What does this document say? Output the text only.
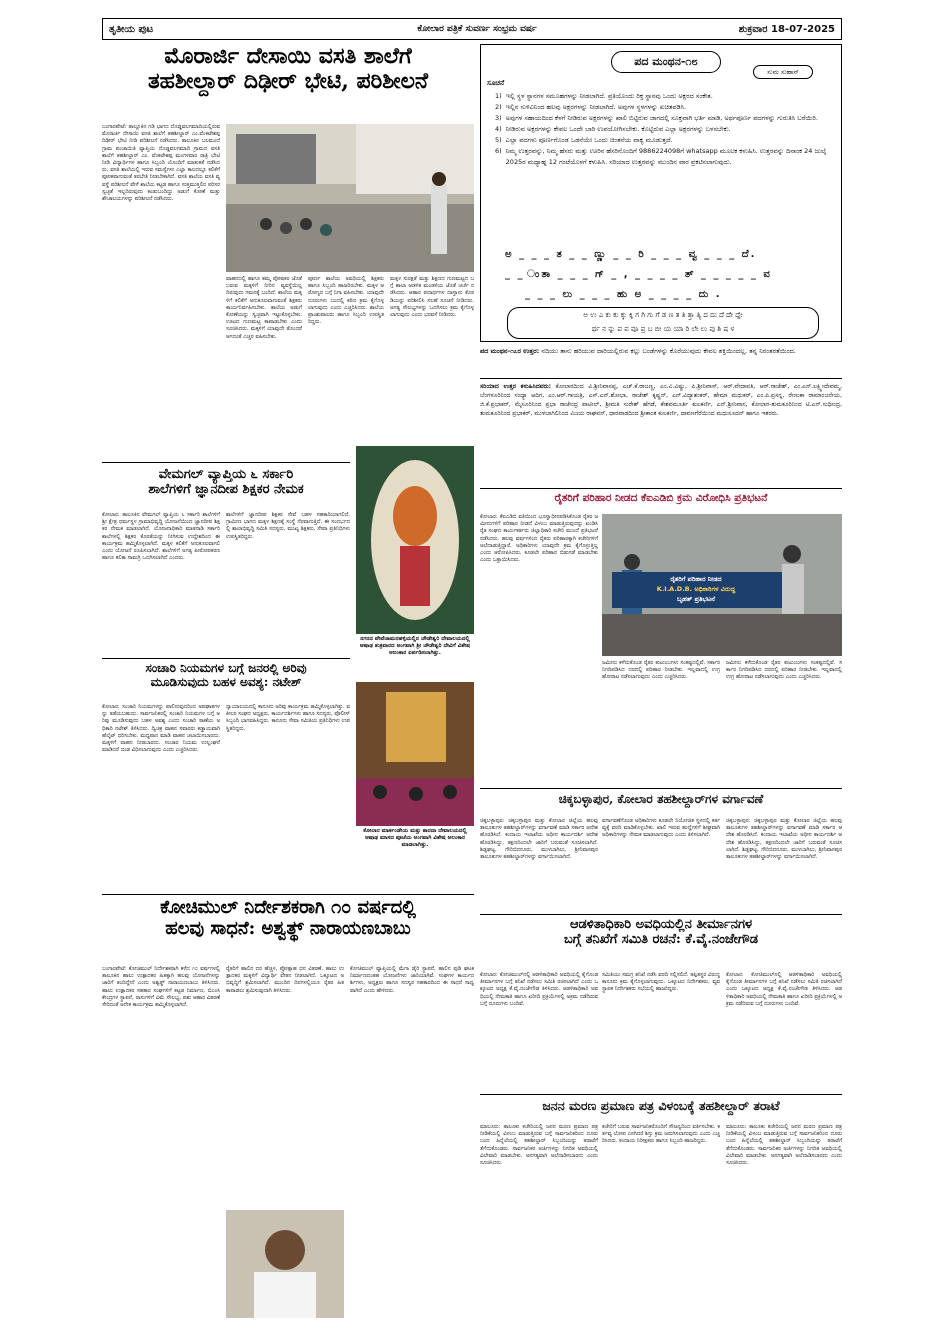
ತೃತೀಯ ಪುಟ	ಕೋಲಾರ ಪತ್ರಿಕೆ ಸುವರ್ಣ ಸಂಭ್ರಮ ವರ್ಷ	ಶುಕ್ರವಾರ 18-07-2025
ಮೊರಾರ್ಜಿ ದೇಸಾಯಿ ವಸತಿ ಶಾಲೆಗೆ
ತಹಶೀಲ್ದಾರ್ ದಿಢೀರ್ ಭೇಟಿ, ಪರಿಶೀಲನೆ
ಬಂಗಾರಪೇಟೆ: ತಾಲ್ಲೂಕಿನ ಗಡಿ ಭಾಗದ ದೊಡ್ಡವಲಗಮಾದಿಯಲ್ಲಿರುವ ಮೊರಾರ್ಜಿ ದೇಸಾಯಿ ವಸತಿ ಶಾಲೆಗೆ ತಹಶೀಲ್ದಾರ್ ಎಂ.ವೆಂಕಟೇಶಪ್ಪ ದಿಢೀರ್ ಭೇಟಿ ನೀಡಿ ಪರಿಶೀಲನೆ ನಡೆಸಿದರು. ತಾಲೂಕಿನ ಬಲಮಂದೆ ಗ್ರಾಮ ಪಂಚಾಯಿತಿ ವ್ಯಾಪ್ತಿಯ ದೊಡ್ಡವಲಗಮಾದಿ ಗ್ರಾಮದ ವಸತಿ ಶಾಲೆಗೆ ತಹಶೀಲ್ದಾರ್ ಎಂ. ವೆಂಕಟೇಶಪ್ಪ ಮಂಗಳವಾರ ರಾತ್ರಿ ಭೇಟಿ ನೀಡಿ ವಿದ್ಯಾರ್ಥಿಗಳ ಹಾಗೂ ಸಿಬ್ಬಂದಿ ಯೊಂದಿಗೆ ಮಾತುಕತೆ ನಡೆಸಿದರು. ವಸತಿ ಶಾಲೆಯಲ್ಲಿ ಇರುವ ಸಮಸ್ಯೆಗಳು ಎಲ್ಲಾ ಕಾಲದಲ್ಲೂ ಕಲಿಕೆಗೆ ಪೂರಕವಾಗುವಂತೆ ತರಬೇತಿ ನೀಡಬೇಕಾಗಿದೆ. ವಸತಿ ಶಾಲೆಯ ವಸತಿ ವ್ಯವಸ್ಥೆ ಪರಿಶೀಲನೆ ವೇಳೆ ಶಾಲೆಯ ಕಟ್ಟಡ ಹಾಗೂ ಸುತ್ತಮುತ್ತಲಿನ ಪರಿಸರ ಸ್ವಚ್ಛತೆ ಇಲ್ಲದಿರುವುದು ಕಂಡುಬಂದಿದ್ದು ಅಡುಗೆ ಕೋಣೆ ಮತ್ತು ಶೌಚಾಲಯಗಳನ್ನು ಪರಿಶೀಲನೆ ನಡೆಸಿದರು.
ವಾಹನದಲ್ಲಿ ಹಾಗೂ ತಮ್ಮ ಪೋಷಕರ ಜೊತೆ ಬರುವ ಮಕ್ಕಳಿಗೆ ನೀರಿನ ವ್ಯವಸ್ಥೆಯಿಲ್ಲದಿರುವುದು ಗಮನಕ್ಕೆ ಬಂದಿದೆ. ಶಾಲೆಯ ಮಕ್ಕಳಿಗೆ ಕಲಿಕೆಗೆ ಅನುಕೂಲವಾಗುವಂತೆ ಶಿಕ್ಷಕರು ಕಾರ್ಯನಿರ್ವಹಿಸಬೇಕು. ಶಾಲೆಯ ಅಡುಗೆ ಕೋಣೆಯನ್ನು ಸ್ವಚ್ಛವಾಗಿ ಇಟ್ಟುಕೊಳ್ಳಬೇಕು. ಊಟದ ಗುಣಮಟ್ಟ ಕಾಪಾಡಬೇಕು ಎಂದು ಸೂಚಿಸಿದರು. ಮಕ್ಕಳಿಗೆ ಯಾವುದೇ ತೊಂದರೆ ಆಗದಂತೆ ಎಚ್ಚರ ವಹಿಸಬೇಕು.
ಪೂರ್ಣ ಶಾಲೆಯ ಅವಧಿಯಲ್ಲಿ ಶಿಕ್ಷಕರು ಹಾಗೂ ಸಿಬ್ಬಂದಿ ಹಾಜರಿರಬೇಕು. ಮಕ್ಕಳ ಆರೋಗ್ಯದ ಬಗ್ಗೆ ನಿಗಾ ವಹಿಸಬೇಕು. ಯಾವುದೇ ದೂರುಗಳು ಬಂದಲ್ಲಿ ಕಠಿಣ ಕ್ರಮ ಕೈಗೊಳ್ಳಲಾಗುವುದು ಎಂದು ಎಚ್ಚರಿಸಿದರು. ಶಾಲೆಯ ಪ್ರಾಂಶುಪಾಲರು ಹಾಗೂ ಸಿಬ್ಬಂದಿ ಉಪಸ್ಥಿತರಿದ್ದರು.
ಮಕ್ಕಳ ಸುರಕ್ಷತೆ ಮತ್ತು ಶಿಕ್ಷಣದ ಗುಣಮಟ್ಟದ ಬಗ್ಗೆ ಶಾಲಾ ಆಡಳಿತ ಮಂಡಳಿಯ ಜೊತೆ ಚರ್ಚೆ ನಡೆಸಿದರು. ಆಹಾರ ಪದಾರ್ಥಗಳ ದಾಸ್ತಾನು ಕೊಠಡಿಯನ್ನು ಪರಿಶೀಲಿಸಿ ಸಲಹೆ ಸೂಚನೆ ನೀಡಿದರು. ಅಗತ್ಯ ಸೌಲಭ್ಯಗಳನ್ನು ಒದಗಿಸಲು ಕ್ರಮ ಕೈಗೊಳ್ಳಲಾಗುವುದು ಎಂದು ಭರವಸೆ ನೀಡಿದರು.
ಪದ ಮಂಥನ-೧೮
ಸುಮ ಸುಹಾಸ್
ಸೂಚನೆ
1) ಇಲ್ಲಿ ಸ್ಥಳ ಸ್ಥಾನಗಳ ಸಮೂಹಗಳನ್ನು ನೀಡಲಾಗಿದೆ. ಪ್ರತಿಯೊಂದು ರಿಕ್ತ ಸ್ಥಾನವು ಒಂದು ಅಕ್ಷರದ ಸಂಕೇತ.
2) ಇಲ್ಲಿನ ಸುಳಿವಿನಿಂದ ಹಲವು ಅಕ್ಷರಗಳನ್ನು ನೀಡಲಾಗಿದೆ. ಅವುಗಳ ಸ್ಥಳಗಳನ್ನು ಖಚಿತಪಡಿಸಿ.
3) ಅವುಗಳ ಸಹಾಯದಿಂದ ಕೆಳಗೆ ನೀಡಿರುವ ಅಕ್ಷರಗಳನ್ನು ಖಾಲಿ ಬಿಟ್ಟಿರುವ ಜಾಗದಲ್ಲಿ ಸೂಕ್ತವಾಗಿ ಭರ್ತಿ ಮಾಡಿ, ಅರ್ಥಪೂರ್ಣ ಪದಗಳನ್ನು ಗುರುತಿಸಿ ಬರೆಯಿರಿ.
4) ನೀಡಿರುವ ಅಕ್ಷರಗಳನ್ನು ಕೇವಲ ಒಂದೇ ಬಾರಿ ಉಪಯೋಗಿಸಬೇಕು. ಕೊಟ್ಟಿರುವ ಎಲ್ಲಾ ಅಕ್ಷರಗಳನ್ನು ಬಳಸಬೇಕು.
5) ಎಲ್ಲಾ ಪದಗಳು ಪೂರ್ಣಗೊಂಡ ಒಡನೆಯೇ ಒಂದು ಚಿಂತನೆಯ ವಾಕ್ಯ ಮೂಡುತ್ತದೆ.
6) ನಿಮ್ಮ ಉತ್ತರವನ್ನು, ನಿಮ್ಮ ಹೆಸರು ಮತ್ತು ಊರಿನ ಹೆಸರಿನೊಂದಿಗೆ 9886224098ಗೆ whatsapp ಮೂಲಕ ಕಳುಹಿಸಿ. ಉತ್ತರವನ್ನು ದಿನಾಂಕ 24 ಜುಲೈ 2025ರ ಮಧ್ಯಾಹ್ನ 12 ಗಂಟೆಯೊಳಗೆ ಕಳುಹಿಸಿ. ಸರಿಯಾದ ಉತ್ತರವನ್ನು ಮುಂದಿನ ವಾರ ಪ್ರಕಟಿಸಲಾಗುವುದು.
ಅ _ _ _ ತ _ _ ಣ್ಣು _ _ ರಿ _ _ _ ವ್ವ _ _ _ ದೆ.
_ _ ಂತಾ _ _ _ ಗ್ _ , _ _ _ _ ತ್ _ _ _ _ _ ವ
_ _ _ ಲು _ _ _ ಹು ಅ _ _ _ _ ದು .
ಅ ಉ ಎ ಕು ಕು ಕ್ಕು ಕ್ಕಿ ಗ ಗಿ ಗು ಗೆ ಡ ಣ ತ ತಿ ತ್ತಾ ತ್ಯಿ ದ ದು ದೆ ದೇ ದ್ದೇ
ರ್ಥ ನ ನ್ನು ಪ ಪ ವೂ ಪ್ರ ಬ ಬೀ ಯ ಯಾ ರಿ ಲೇ ಲು ವು ಶಿ ಷ ಳ
ಪದ ಮಂಥನ-೧೭ರ ಉತ್ತರ: ನದಿಯು ತಾನು ಹರಿಯುವ ದಾರಿಯಲ್ಲಿರುವ ಕಲ್ಲು ಬಂಡೆಗಳನ್ನು ಕೊರೆಯುವುದು ಕೇವಲ ಶಕ್ತಿಯಿಂದಲ್ಲ, ತನ್ನ ನಿರಂತರತೆಯಿಂದ.
ಸರಿಯಾದ ಉತ್ತರ ಕಳುಹಿಸಿದವರು: ಕೋಲಾರದಿಂದ ವಿ.ಶ್ರೀನಿವಾಸಪ್ಪ, ಎಚ್.ಕೆ.ರಾಜಣ್ಣ, ಎಂ.ವಿ.ವಿಷ್ಣು, ಪಿ.ಶ್ರೀನಿವಾಸ್, ಆರ್.ವೇದಾವತಿ, ಆರ್.ರಾಜೇಶ್, ಎಂ.ಎನ್.ಲಕ್ಷ್ಮೀದೇವಮ್ಮ, ಬೆಂಗಳೂರಿನಿಂದ ಸಂಧ್ಯಾ ಆದಿಗ, ಎಂ.ಆರ್.ಗಾಯತ್ರಿ, ಎಸ್.ಎನ್.ಶೋಭಾ, ರಾಜೇಶ್ ಕೃಷ್ಣನ್, ಎನ್.ವಿದ್ಯಾಶಂಕರ್, ಹೇಮಾ ಮಧುಕರ್, ಎಂ.ಪಿ.ಪ್ರಸನ್ನ, ರೇಣುಕಾ ರಾಮಾಂಜನೇಯ, ಜಿ.ಕೆ.ಪ್ರಭಾಕರ್, ಮೈಸೂರಿನಿಂದ ಪ್ರಭಾ ರಾಜೇಂದ್ರ ಪಾಟೀಲ್, ಶ್ರೀಮತಿ ಸುರೇಶ್ ಹೆಗಡೆ, ಕೇಶವಮೂರ್ತಿ ಕುಲಕರ್ಣಿ, ಎನ್.ಶ್ರೀನಿವಾಸ, ಕೋಲಾರ-ತುಮಕೂರಿನಿಂದ ಟಿ.ಎನ್.ಸುಧೀಂದ್ರ, ತುಮಕೂರಿನಿಂದ ಪ್ರಭಾಕರ್, ಮುಳಬಾಗಿಲಿನಿಂದ ವಿಜಯ ರಾಘವನ್, ಧಾರವಾಡದಿಂದ ಶ್ರೀಕಾಂತ ಕುಲಕರ್ಣಿ, ದಾವಣಗೆರೆಯಿಂದ ಮಧುಸೂದನ್ ಹಾಗೂ ಇತರರು.
ವೇಮಗಲ್ ವ್ಯಾಪ್ತಿಯ ೬ ಸರ್ಕಾರಿ
ಶಾಲೆಗಳಿಗೆ ಜ್ಞಾನದೀಪ ಶಿಕ್ಷಕರ ನೇಮಕ
ಕೋಲಾರ: ತಾಲೂಕಿನ ವೇಮಗಲ್ ವ್ಯಾಪ್ತಿಯ ೬ ಸರ್ಕಾರಿ ಶಾಲೆಗಳಿಗೆ ಶ್ರೀ ಕ್ಷೇತ್ರ ಧರ್ಮಸ್ಥಳ ಗ್ರಾಮಾಭಿವೃದ್ಧಿ ಯೋಜನೆಯಿಂದ ಜ್ಞಾನದೀಪ ಶಿಕ್ಷಕರ ನೇಮಕ ಮಾಡಲಾಗಿದೆ. ಯೋಜನಾಧಿಕಾರಿ ಮಾತನಾಡಿ ಸರ್ಕಾರಿ ಶಾಲೆಗಳಲ್ಲಿ ಶಿಕ್ಷಕರ ಕೊರತೆಯನ್ನು ನೀಗಿಸುವ ಉದ್ದೇಶದಿಂದ ಈ ಕಾರ್ಯಕ್ರಮ ಹಮ್ಮಿಕೊಳ್ಳಲಾಗಿದೆ. ಮಕ್ಕಳ ಕಲಿಕೆಗೆ ಅನುಕೂಲವಾಗಲಿ ಎಂದು ಯೋಜನೆ ರೂಪಿಸಲಾಗಿದೆ. ಶಾಲೆಗಳಿಗೆ ಅಗತ್ಯ ಪೀಠೋಪಕರಣ ಹಾಗೂ ಕಲಿಕಾ ಸಾಮಗ್ರಿ ಒದಗಿಸಲಾಗಿದೆ ಎಂದರು.
ಶಾಲೆಗಳಿಗೆ ಜ್ಞಾನದೀಪ ಶಿಕ್ಷಕರ ಸೇವೆ ಬಹಳ ಸಹಕಾರಿಯಾಗಲಿದೆ. ಗ್ರಾಮೀಣ ಭಾಗದ ಮಕ್ಕಳ ಶಿಕ್ಷಣಕ್ಕೆ ಸಂಸ್ಥೆ ನೆರವಾಗುತ್ತಿದೆ. ಈ ಸಂದರ್ಭದಲ್ಲಿ ಶಾಲಾಭಿವೃದ್ಧಿ ಸಮಿತಿ ಸದಸ್ಯರು, ಮುಖ್ಯ ಶಿಕ್ಷಕರು, ಸೇವಾ ಪ್ರತಿನಿಧಿಗಳು ಉಪಸ್ಥಿತರಿದ್ದರು.
ನಗರದ ಪೇಟೆಚಾಮನಹಳ್ಳಿಯಲ್ಲಿನ ಚೌಡೇಶ್ವರಿ ದೇವಾಲಯದಲ್ಲಿ ಆಷಾಢ ಶುಕ್ರವಾರದ ಅಂಗವಾಗಿ ಶ್ರೀ ಚೌಡೇಶ್ವರಿ ದೇವಿಗೆ ವಿಶೇಷ ಅಲಂಕಾರ ಏರ್ಪಡಿಸಲಾಗಿತ್ತು.
ರೈತರಿಗೆ ಪರಿಹಾರ ನೀಡದ ಕೆಐಎಡಿಬಿ ಕ್ರಮ ವಿರೋಧಿಸಿ ಪ್ರತಿಭಟನೆ
ಕೋಲಾರ: ಕೆಐಎಡಿಬಿ ವತಿಯಿಂದ ಭೂಸ್ವಾಧೀನಪಡಿಸಿಕೊಂಡ ರೈತರ ಜಮೀನುಗಳಿಗೆ ಪರಿಹಾರ ನೀಡದೆ ವಿಳಂಬ ಮಾಡುತ್ತಿರುವುದನ್ನು ಖಂಡಿಸಿ ರೈತ ಸಂಘದ ಕಾರ್ಯಕರ್ತರು ಜಿಲ್ಲಾಧಿಕಾರಿ ಕಚೇರಿ ಮುಂದೆ ಪ್ರತಿಭಟನೆ ನಡೆಸಿದರು. ಹಲವು ವರ್ಷಗಳಿಂದ ರೈತರು ಪರಿಹಾರಕ್ಕಾಗಿ ಕಚೇರಿಗಳಿಗೆ ಅಲೆದಾಡುತ್ತಿದ್ದಾರೆ. ಅಧಿಕಾರಿಗಳು ಯಾವುದೇ ಕ್ರಮ ಕೈಗೊಳ್ಳುತ್ತಿಲ್ಲ ಎಂದು ಆರೋಪಿಸಿದರು. ಕೂಡಲೇ ಪರಿಹಾರ ಬಿಡುಗಡೆ ಮಾಡಬೇಕು ಎಂದು ಒತ್ತಾಯಿಸಿದರು.
ರೈತರಿಗೆ ಪರಿಹಾರ ನೀಡದ
K.I.A.D.B. ಅಧಿಕಾರಿಗಳ ವಿರುದ್ಧ
ಬೃಹತ್ ಪ್ರತಿಭಟನೆ
ಜಮೀನು ಕಳೆದುಕೊಂಡ ರೈತರ ಕುಟುಂಬಗಳು ಸಂಕಷ್ಟದಲ್ಲಿವೆ. ಸರ್ಕಾರ ನಿಗದಿಪಡಿಸಿದ ದರದಲ್ಲಿ ಪರಿಹಾರ ನೀಡಬೇಕು. ಇಲ್ಲವಾದಲ್ಲಿ ಉಗ್ರ ಹೋರಾಟ ನಡೆಸಲಾಗುವುದು ಎಂದು ಎಚ್ಚರಿಸಿದರು.
ಜಮೀನು ಕಳೆದುಕೊಂಡ ರೈತರ ಕುಟುಂಬಗಳು ಸಂಕಷ್ಟದಲ್ಲಿವೆ. ಸರ್ಕಾರ ನಿಗದಿಪಡಿಸಿದ ದರದಲ್ಲಿ ಪರಿಹಾರ ನೀಡಬೇಕು. ಇಲ್ಲವಾದಲ್ಲಿ ಉಗ್ರ ಹೋರಾಟ ನಡೆಸಲಾಗುವುದು ಎಂದು ಎಚ್ಚರಿಸಿದರು.
ಸಂಚಾರಿ ನಿಯಮಗಳ ಬಗ್ಗೆ ಜನರಲ್ಲಿ ಅರಿವು
ಮೂಡಿಸುವುದು ಬಹಳ ಅವಶ್ಯ: ನಟೇಶ್
ಕೋಲಾರ: ಸಂಚಾರಿ ನಿಯಮಗಳನ್ನು ಪಾಲಿಸುವುದರಿಂದ ಅಪಘಾತಗಳನ್ನು ತಡೆಯಬಹುದು. ಸಾರ್ವಜನಿಕರಲ್ಲಿ ಸಂಚಾರಿ ನಿಯಮಗಳ ಬಗ್ಗೆ ಅರಿವು ಮೂಡಿಸುವುದು ಬಹಳ ಅವಶ್ಯ ಎಂದು ಸಂಚಾರಿ ಠಾಣೆಯ ಅಧಿಕಾರಿ ನಟೇಶ್ ತಿಳಿಸಿದರು. ದ್ವಿಚಕ್ರ ವಾಹನ ಸವಾರರು ಕಡ್ಡಾಯವಾಗಿ ಹೆಲ್ಮೆಟ್ ಧರಿಸಬೇಕು. ಮಧ್ಯಪಾನ ಮಾಡಿ ವಾಹನ ಚಲಾಯಿಸಬಾರದು. ಮಕ್ಕಳಿಗೆ ವಾಹನ ನೀಡಬಾರದು. ಸಂಚಾರ ನಿಯಮ ಉಲ್ಲಂಘನೆ ಮಾಡಿದರೆ ದಂಡ ವಿಧಿಸಲಾಗುವುದು ಎಂದು ಎಚ್ಚರಿಸಿದರು.
ನ್ಯಾಯಾಲಯದಲ್ಲಿ ಕಾನೂನು ಅರಿವು ಕಾರ್ಯಕ್ರಮ ಹಮ್ಮಿಕೊಳ್ಳಲಾಗಿತ್ತು. ವಕೀಲರ ಸಂಘದ ಅಧ್ಯಕ್ಷರು, ಕಾರ್ಯದರ್ಶಿಗಳು ಹಾಗೂ ಸದಸ್ಯರು, ಪೊಲೀಸ್ ಸಿಬ್ಬಂದಿ ಭಾಗವಹಿಸಿದ್ದರು. ಕಾನೂನು ಸೇವಾ ಸಮಿತಿಯ ಪ್ರತಿನಿಧಿಗಳು ಉಪಸ್ಥಿತರಿದ್ದರು.
ಕೋಲಾರ ಮಾರ್ಕಂಡೇಯ ಮತ್ತು ಶಾರದಾ ದೇವಾಲಯದಲ್ಲಿ ಆಷಾಢ ಮಾಸದ ಪೂಜೆಯ ಅಂಗವಾಗಿ ವಿಶೇಷ ಅಲಂಕಾರ ಮಾಡಲಾಗಿತ್ತು.
ಚಿಕ್ಕಬಳ್ಳಾಪುರ, ಕೋಲಾರ ತಹಶೀಲ್ದಾರ್‌ಗಳ ವರ್ಗಾವಣೆ
ಚಿಕ್ಕಬಳ್ಳಾಪುರ: ಚಿಕ್ಕಬಳ್ಳಾಪುರ ಮತ್ತು ಕೋಲಾರ ಜಿಲ್ಲೆಯ ಹಲವು ತಾಲೂಕುಗಳ ತಹಶೀಲ್ದಾರ್‌ಗಳನ್ನು ವರ್ಗಾವಣೆ ಮಾಡಿ ಸರ್ಕಾರ ಆದೇಶ ಹೊರಡಿಸಿದೆ. ಕಂದಾಯ ಇಲಾಖೆಯ ಅಧೀನ ಕಾರ್ಯದರ್ಶಿ ಆದೇಶ ಹೊರಡಿಸಿದ್ದು, ತಕ್ಷಣದಿಂದಲೇ ಜಾರಿಗೆ ಬರುವಂತೆ ಸೂಚಿಸಲಾಗಿದೆ. ಶಿಡ್ಲಘಟ್ಟ, ಗೌರಿಬಿದನೂರು, ಮುಳಬಾಗಿಲು, ಶ್ರೀನಿವಾಸಪುರ ತಾಲೂಕುಗಳ ತಹಶೀಲ್ದಾರ್‌ಗಳನ್ನು ವರ್ಗಾಯಿಸಲಾಗಿದೆ.
ವರ್ಗಾವಣೆಗೊಂಡ ಅಧಿಕಾರಿಗಳು ಕೂಡಲೇ ನಿಯೋಜಿತ ಸ್ಥಳದಲ್ಲಿ ಕರ್ತವ್ಯಕ್ಕೆ ವರದಿ ಮಾಡಿಕೊಳ್ಳಬೇಕು. ಖಾಲಿ ಇರುವ ಹುದ್ದೆಗಳಿಗೆ ಶೀಘ್ರವಾಗಿ ಅಧಿಕಾರಿಗಳನ್ನು ನೇಮಕ ಮಾಡಲಾಗುವುದು ಎಂದು ತಿಳಿಸಲಾಗಿದೆ.
ಚಿಕ್ಕಬಳ್ಳಾಪುರ: ಚಿಕ್ಕಬಳ್ಳಾಪುರ ಮತ್ತು ಕೋಲಾರ ಜಿಲ್ಲೆಯ ಹಲವು ತಾಲೂಕುಗಳ ತಹಶೀಲ್ದಾರ್‌ಗಳನ್ನು ವರ್ಗಾವಣೆ ಮಾಡಿ ಸರ್ಕಾರ ಆದೇಶ ಹೊರಡಿಸಿದೆ. ಕಂದಾಯ ಇಲಾಖೆಯ ಅಧೀನ ಕಾರ್ಯದರ್ಶಿ ಆದೇಶ ಹೊರಡಿಸಿದ್ದು, ತಕ್ಷಣದಿಂದಲೇ ಜಾರಿಗೆ ಬರುವಂತೆ ಸೂಚಿಸಲಾಗಿದೆ. ಶಿಡ್ಲಘಟ್ಟ, ಗೌರಿಬಿದನೂರು, ಮುಳಬಾಗಿಲು, ಶ್ರೀನಿವಾಸಪುರ ತಾಲೂಕುಗಳ ತಹಶೀಲ್ದಾರ್‌ಗಳನ್ನು ವರ್ಗಾಯಿಸಲಾಗಿದೆ.
ಕೋಚಿಮುಲ್ ನಿರ್ದೇಶಕರಾಗಿ ೧೦ ವರ್ಷದಲ್ಲಿ
ಹಲವು ಸಾಧನೆ: ಅಶ್ವತ್ಥ್ ನಾರಾಯಣಬಾಬು
ಬಂಗಾರಪೇಟೆ: ಕೋಚಿಮುಲ್ ನಿರ್ದೇಶಕರಾಗಿ ಕಳೆದ ೧೦ ವರ್ಷಗಳಲ್ಲಿ ತಾಲೂಕಿನ ಹಾಲು ಉತ್ಪಾದಕರ ಹಿತಕ್ಕಾಗಿ ಹಲವು ಯೋಜನೆಗಳನ್ನು ಜಾರಿಗೆ ತಂದಿದ್ದೇನೆ ಎಂದು ಅಶ್ವತ್ಥ್ ನಾರಾಯಣಬಾಬು ತಿಳಿಸಿದರು. ಹಾಲು ಉತ್ಪಾದಕರ ಸಹಕಾರ ಸಂಘಗಳಿಗೆ ಕಟ್ಟಡ ನಿರ್ಮಾಣ, ಬಿಎಂಸಿ ಕೇಂದ್ರಗಳ ಸ್ಥಾಪನೆ, ರಾಸುಗಳಿಗೆ ವಿಮೆ ಸೌಲಭ್ಯ, ಪಶು ಆಹಾರ ವಿತರಣೆ ಸೇರಿದಂತೆ ಅನೇಕ ಕಾರ್ಯಕ್ರಮ ಹಮ್ಮಿಕೊಳ್ಳಲಾಗಿದೆ.
ರೈತರಿಗೆ ಹಾಲಿನ ದರ ಹೆಚ್ಚಳ, ಪ್ರೋತ್ಸಾಹ ಧನ ವಿತರಣೆ, ಹಾಲು ಉತ್ಪಾದಕರ ಮಕ್ಕಳಿಗೆ ವಿದ್ಯಾರ್ಥಿ ವೇತನ ನೀಡಲಾಗಿದೆ. ಒಕ್ಕೂಟದ ಅಭಿವೃದ್ಧಿಗೆ ಶ್ರಮಿಸಲಾಗಿದೆ. ಮುಂದಿನ ದಿನಗಳಲ್ಲಿಯೂ ರೈತರ ಹಿತ ಕಾಪಾಡಲು ಶ್ರಮಿಸುವುದಾಗಿ ತಿಳಿಸಿದರು.
ಕೋಚಿಮುಲ್ ವ್ಯಾಪ್ತಿಯಲ್ಲಿ ಮೆಗಾ ಡೈರಿ ಸ್ಥಾಪನೆ, ಹಾಲಿನ ಪುಡಿ ಘಟಕ ನಿರ್ಮಾಣದಂತಹ ಯೋಜನೆಗಳು ಜಾರಿಯಾಗಿವೆ. ಸಂಘಗಳ ಕಾರ್ಯದರ್ಶಿಗಳು, ಅಧ್ಯಕ್ಷರು ಹಾಗೂ ಸದಸ್ಯರ ಸಹಕಾರದಿಂದ ಈ ಸಾಧನೆ ಸಾಧ್ಯವಾಗಿದೆ ಎಂದು ಹೇಳಿದರು.
ಆಡಳಿತಾಧಿಕಾರಿ ಅವಧಿಯಲ್ಲಿನ ತೀರ್ಮಾನಗಳ
ಬಗ್ಗೆ ತನಿಖೆಗೆ ಸಮಿತಿ ರಚನೆ: ಕೆ.ವೈ.ನಂಜೇಗೌಡ
ಕೋಲಾರ: ಕೋಚಿಮುಲ್‌ನಲ್ಲಿ ಆಡಳಿತಾಧಿಕಾರಿ ಅವಧಿಯಲ್ಲಿ ಕೈಗೊಂಡ ತೀರ್ಮಾನಗಳ ಬಗ್ಗೆ ತನಿಖೆ ನಡೆಸಲು ಸಮಿತಿ ರಚಿಸಲಾಗಿದೆ ಎಂದು ಒಕ್ಕೂಟದ ಅಧ್ಯಕ್ಷ ಕೆ.ವೈ.ನಂಜೇಗೌಡ ತಿಳಿಸಿದರು. ಆಡಳಿತಾಧಿಕಾರಿ ಅವಧಿಯಲ್ಲಿ ನೇಮಕಾತಿ ಹಾಗೂ ಖರೀದಿ ಪ್ರಕ್ರಿಯೆಗಳಲ್ಲಿ ಅಕ್ರಮ ನಡೆದಿರುವ ಬಗ್ಗೆ ದೂರುಗಳು ಬಂದಿವೆ.
ಸಮಿತಿಯು ಸಮಗ್ರ ತನಿಖೆ ನಡೆಸಿ ವರದಿ ಸಲ್ಲಿಸಲಿದೆ. ತಪ್ಪಿತಸ್ಥರ ವಿರುದ್ಧ ಕಾನೂನು ಕ್ರಮ ಕೈಗೊಳ್ಳಲಾಗುವುದು. ಒಕ್ಕೂಟದ ನಿರ್ದೇಶಕರು, ವ್ಯವಸ್ಥಾಪಕ ನಿರ್ದೇಶಕರು ಸಭೆಯಲ್ಲಿ ಹಾಜರಿದ್ದರು.
ಕೋಲಾರ: ಕೋಚಿಮುಲ್‌ನಲ್ಲಿ ಆಡಳಿತಾಧಿಕಾರಿ ಅವಧಿಯಲ್ಲಿ ಕೈಗೊಂಡ ತೀರ್ಮಾನಗಳ ಬಗ್ಗೆ ತನಿಖೆ ನಡೆಸಲು ಸಮಿತಿ ರಚಿಸಲಾಗಿದೆ ಎಂದು ಒಕ್ಕೂಟದ ಅಧ್ಯಕ್ಷ ಕೆ.ವೈ.ನಂಜೇಗೌಡ ತಿಳಿಸಿದರು. ಆಡಳಿತಾಧಿಕಾರಿ ಅವಧಿಯಲ್ಲಿ ನೇಮಕಾತಿ ಹಾಗೂ ಖರೀದಿ ಪ್ರಕ್ರಿಯೆಗಳಲ್ಲಿ ಅಕ್ರಮ ನಡೆದಿರುವ ಬಗ್ಗೆ ದೂರುಗಳು ಬಂದಿವೆ.
ಜನನ ಮರಣ ಪ್ರಮಾಣ ಪತ್ರ ವಿಳಂಬಕ್ಕೆ ತಹಶೀಲ್ದಾರ್ ತರಾಟೆ
ಮಾಲೂರು: ತಾಲೂಕು ಕಚೇರಿಯಲ್ಲಿ ಜನನ ಮರಣ ಪ್ರಮಾಣ ಪತ್ರ ನೀಡಿಕೆಯಲ್ಲಿ ವಿಳಂಬ ಮಾಡುತ್ತಿರುವ ಬಗ್ಗೆ ಸಾರ್ವಜನಿಕರಿಂದ ದೂರು ಬಂದ ಹಿನ್ನೆಲೆಯಲ್ಲಿ ತಹಶೀಲ್ದಾರ್ ಸಿಬ್ಬಂದಿಯನ್ನು ತರಾಟೆಗೆ ತೆಗೆದುಕೊಂಡರು. ಸಾರ್ವಜನಿಕರ ಅರ್ಜಿಗಳನ್ನು ನಿಗದಿತ ಅವಧಿಯಲ್ಲಿ ವಿಲೇವಾರಿ ಮಾಡಬೇಕು. ಅನಗತ್ಯವಾಗಿ ಅಲೆದಾಡಿಸಬಾರದು ಎಂದು ಸೂಚಿಸಿದರು.
ಕಚೇರಿಗೆ ಬರುವ ಸಾರ್ವಜನಿಕರೊಂದಿಗೆ ಸೌಜನ್ಯದಿಂದ ವರ್ತಿಸಬೇಕು. ಕರ್ತವ್ಯ ಲೋಪ ಎಸಗಿದರೆ ಶಿಸ್ತು ಕ್ರಮ ಜರುಗಿಸಲಾಗುವುದು ಎಂದು ಎಚ್ಚರಿಸಿದರು. ಕಂದಾಯ ನಿರೀಕ್ಷಕರು ಹಾಗೂ ಸಿಬ್ಬಂದಿ ಹಾಜರಿದ್ದರು.
ಮಾಲೂರು: ತಾಲೂಕು ಕಚೇರಿಯಲ್ಲಿ ಜನನ ಮರಣ ಪ್ರಮಾಣ ಪತ್ರ ನೀಡಿಕೆಯಲ್ಲಿ ವಿಳಂಬ ಮಾಡುತ್ತಿರುವ ಬಗ್ಗೆ ಸಾರ್ವಜನಿಕರಿಂದ ದೂರು ಬಂದ ಹಿನ್ನೆಲೆಯಲ್ಲಿ ತಹಶೀಲ್ದಾರ್ ಸಿಬ್ಬಂದಿಯನ್ನು ತರಾಟೆಗೆ ತೆಗೆದುಕೊಂಡರು. ಸಾರ್ವಜನಿಕರ ಅರ್ಜಿಗಳನ್ನು ನಿಗದಿತ ಅವಧಿಯಲ್ಲಿ ವಿಲೇವಾರಿ ಮಾಡಬೇಕು. ಅನಗತ್ಯವಾಗಿ ಅಲೆದಾಡಿಸಬಾರದು ಎಂದು ಸೂಚಿಸಿದರು.
